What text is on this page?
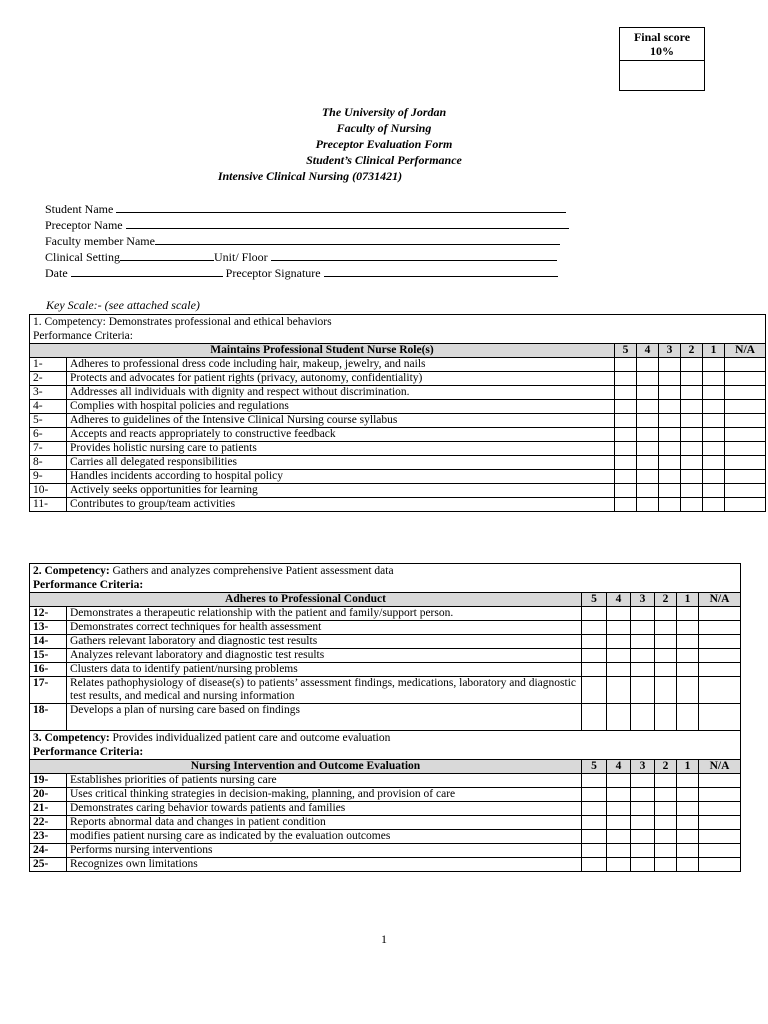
Final score
10%
The University of Jordan
Faculty of Nursing
Preceptor Evaluation Form
Student’s Clinical Performance
Intensive Clinical Nursing (0731421)
Student Name
Preceptor Name
Faculty member Name
Clinical Setting	Unit/ Floor
Date	Preceptor Signature
Key Scale:- (see attached scale)
1. Competency: Demonstrates professional and ethical behaviors
Performance Criteria:							

Maintains Professional Student Nurse Role(s)		5	4	3	2	1	N/A
1-	Adheres to professional dress code including hair, makeup, jewelry, and nails						
2-	Protects and advocates for patient rights (privacy, autonomy, confidentiality)						
3-	Addresses all individuals with dignity and respect without discrimination.						
4-	Complies with hospital policies and regulations						
5-	Adheres to guidelines of the Intensive Clinical Nursing course syllabus						
6-	Accepts and reacts appropriately to constructive feedback						
7-	Provides holistic nursing care to patients						
8-	Carries all delegated responsibilities						
9-	Handles incidents according to hospital policy						
10-	Actively seeks opportunities for learning						
11-	Contributes to group/team activities						
2. Competency: Gathers and analyzes comprehensive Patient assessment data
Performance Criteria:							

Adheres to Professional Conduct		5	4	3	2	1	N/A
12-	Demonstrates a therapeutic relationship with the patient and family/support person.						
13-	Demonstrates correct techniques for health assessment						
14-	Gathers relevant laboratory and diagnostic test results						
15-	Analyzes relevant laboratory and diagnostic test results						
16-	Clusters data to identify patient/nursing problems						
17-	Relates pathophysiology of disease(s) to patients’ assessment findings, medications, laboratory and diagnostic test results, and medical and nursing information						
18-	Develops a plan of nursing care based on findings						

3. Competency: Provides individualized patient care and outcome evaluation
Performance Criteria:							

Nursing Intervention and Outcome Evaluation		5	4	3	2	1	N/A
19-	Establishes priorities of patients nursing care						
20-	Uses critical thinking strategies in decision-making, planning, and provision of care						
21-	Demonstrates caring behavior towards patients and families						
22-	Reports abnormal data and changes in patient condition						
23-	modifies patient nursing care as indicated by the evaluation outcomes						
24-	Performs nursing interventions						
25-	Recognizes own limitations						
1
